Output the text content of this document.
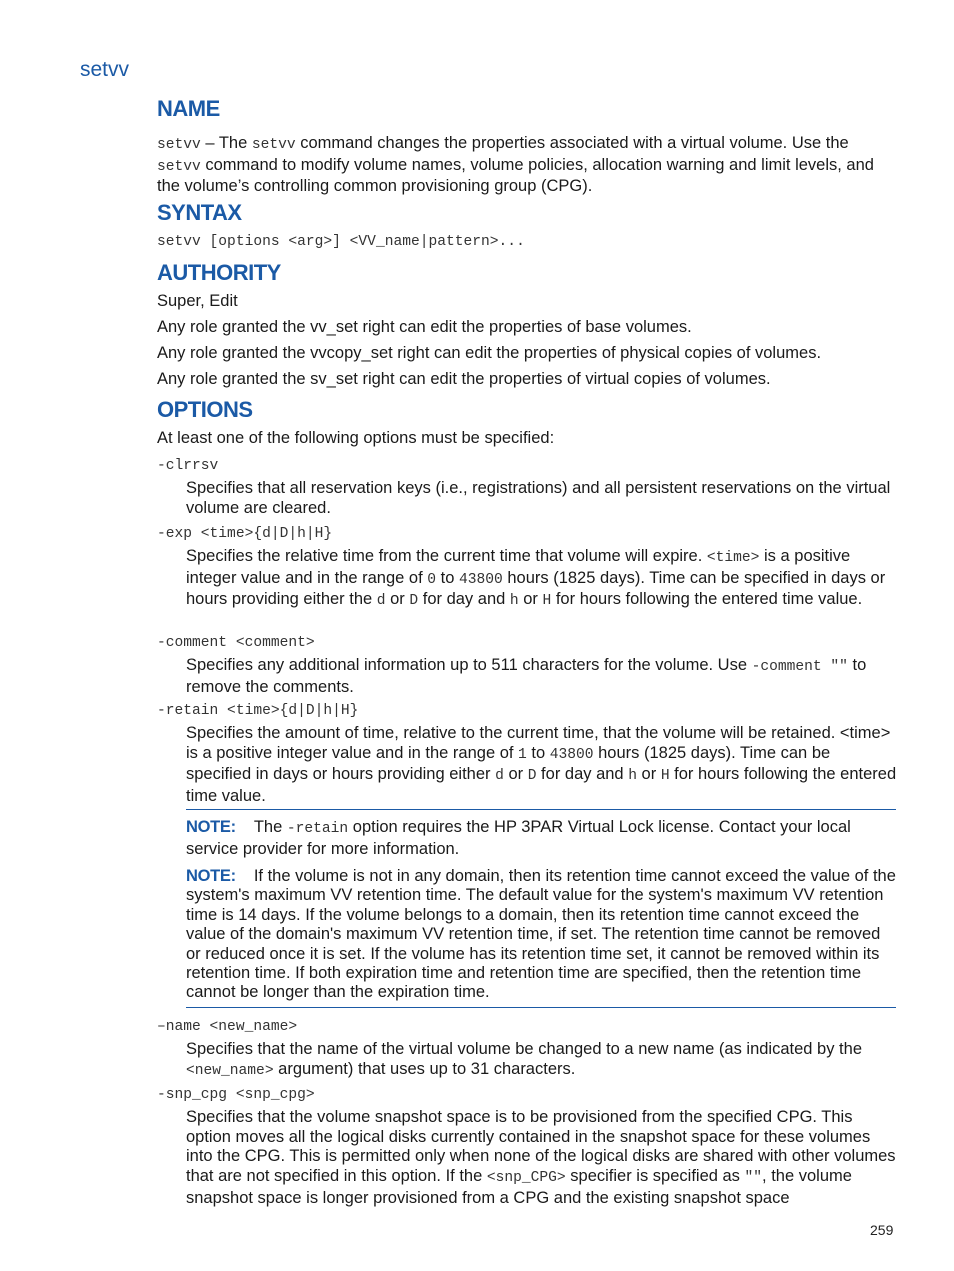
setvv
NAME
setvv – The setvv command changes the properties associated with a virtual volume. Use the setvv command to modify volume names, volume policies, allocation warning and limit levels, and the volume’s controlling common provisioning group (CPG).
SYNTAX
setvv [options <arg>] <VV_name|pattern>...
AUTHORITY
Super, Edit
Any role granted the vv_set right can edit the properties of base volumes.
Any role granted the vvcopy_set right can edit the properties of physical copies of volumes.
Any role granted the sv_set right can edit the properties of virtual copies of volumes.
OPTIONS
At least one of the following options must be specified:
-clrrsv
Specifies that all reservation keys (i.e., registrations) and all persistent reservations on the virtual volume are cleared.
-exp <time>{d|D|h|H}
Specifies the relative time from the current time that volume will expire. <time> is a positive integer value and in the range of 0 to 43800 hours (1825 days). Time can be specified in days or hours providing either the d or D for day and h or H for hours following the entered time value.
-comment <comment>
Specifies any additional information up to 511 characters for the volume. Use -comment "" to remove the comments.
-retain <time>{d|D|h|H}
Specifies the amount of time, relative to the current time, that the volume will be retained. <time> is a positive integer value and in the range of 1 to 43800 hours (1825 days). Time can be specified in days or hours providing either d or D for day and h or H for hours following the entered time value.
NOTE: The -retain option requires the HP 3PAR Virtual Lock license. Contact your local service provider for more information.
NOTE: If the volume is not in any domain, then its retention time cannot exceed the value of the system's maximum VV retention time. The default value for the system's maximum VV retention time is 14 days. If the volume belongs to a domain, then its retention time cannot exceed the value of the domain's maximum VV retention time, if set. The retention time cannot be removed or reduced once it is set. If the volume has its retention time set, it cannot be removed within its retention time. If both expiration time and retention time are specified, then the retention time cannot be longer than the expiration time.
–name <new_name>
Specifies that the name of the virtual volume be changed to a new name (as indicated by the <new_name> argument) that uses up to 31 characters.
-snp_cpg <snp_cpg>
Specifies that the volume snapshot space is to be provisioned from the specified CPG. This option moves all the logical disks currently contained in the snapshot space for these volumes into the CPG. This is permitted only when none of the logical disks are shared with other volumes that are not specified in this option. If the <snp_CPG> specifier is specified as "", the volume snapshot space is longer provisioned from a CPG and the existing snapshot space
259
